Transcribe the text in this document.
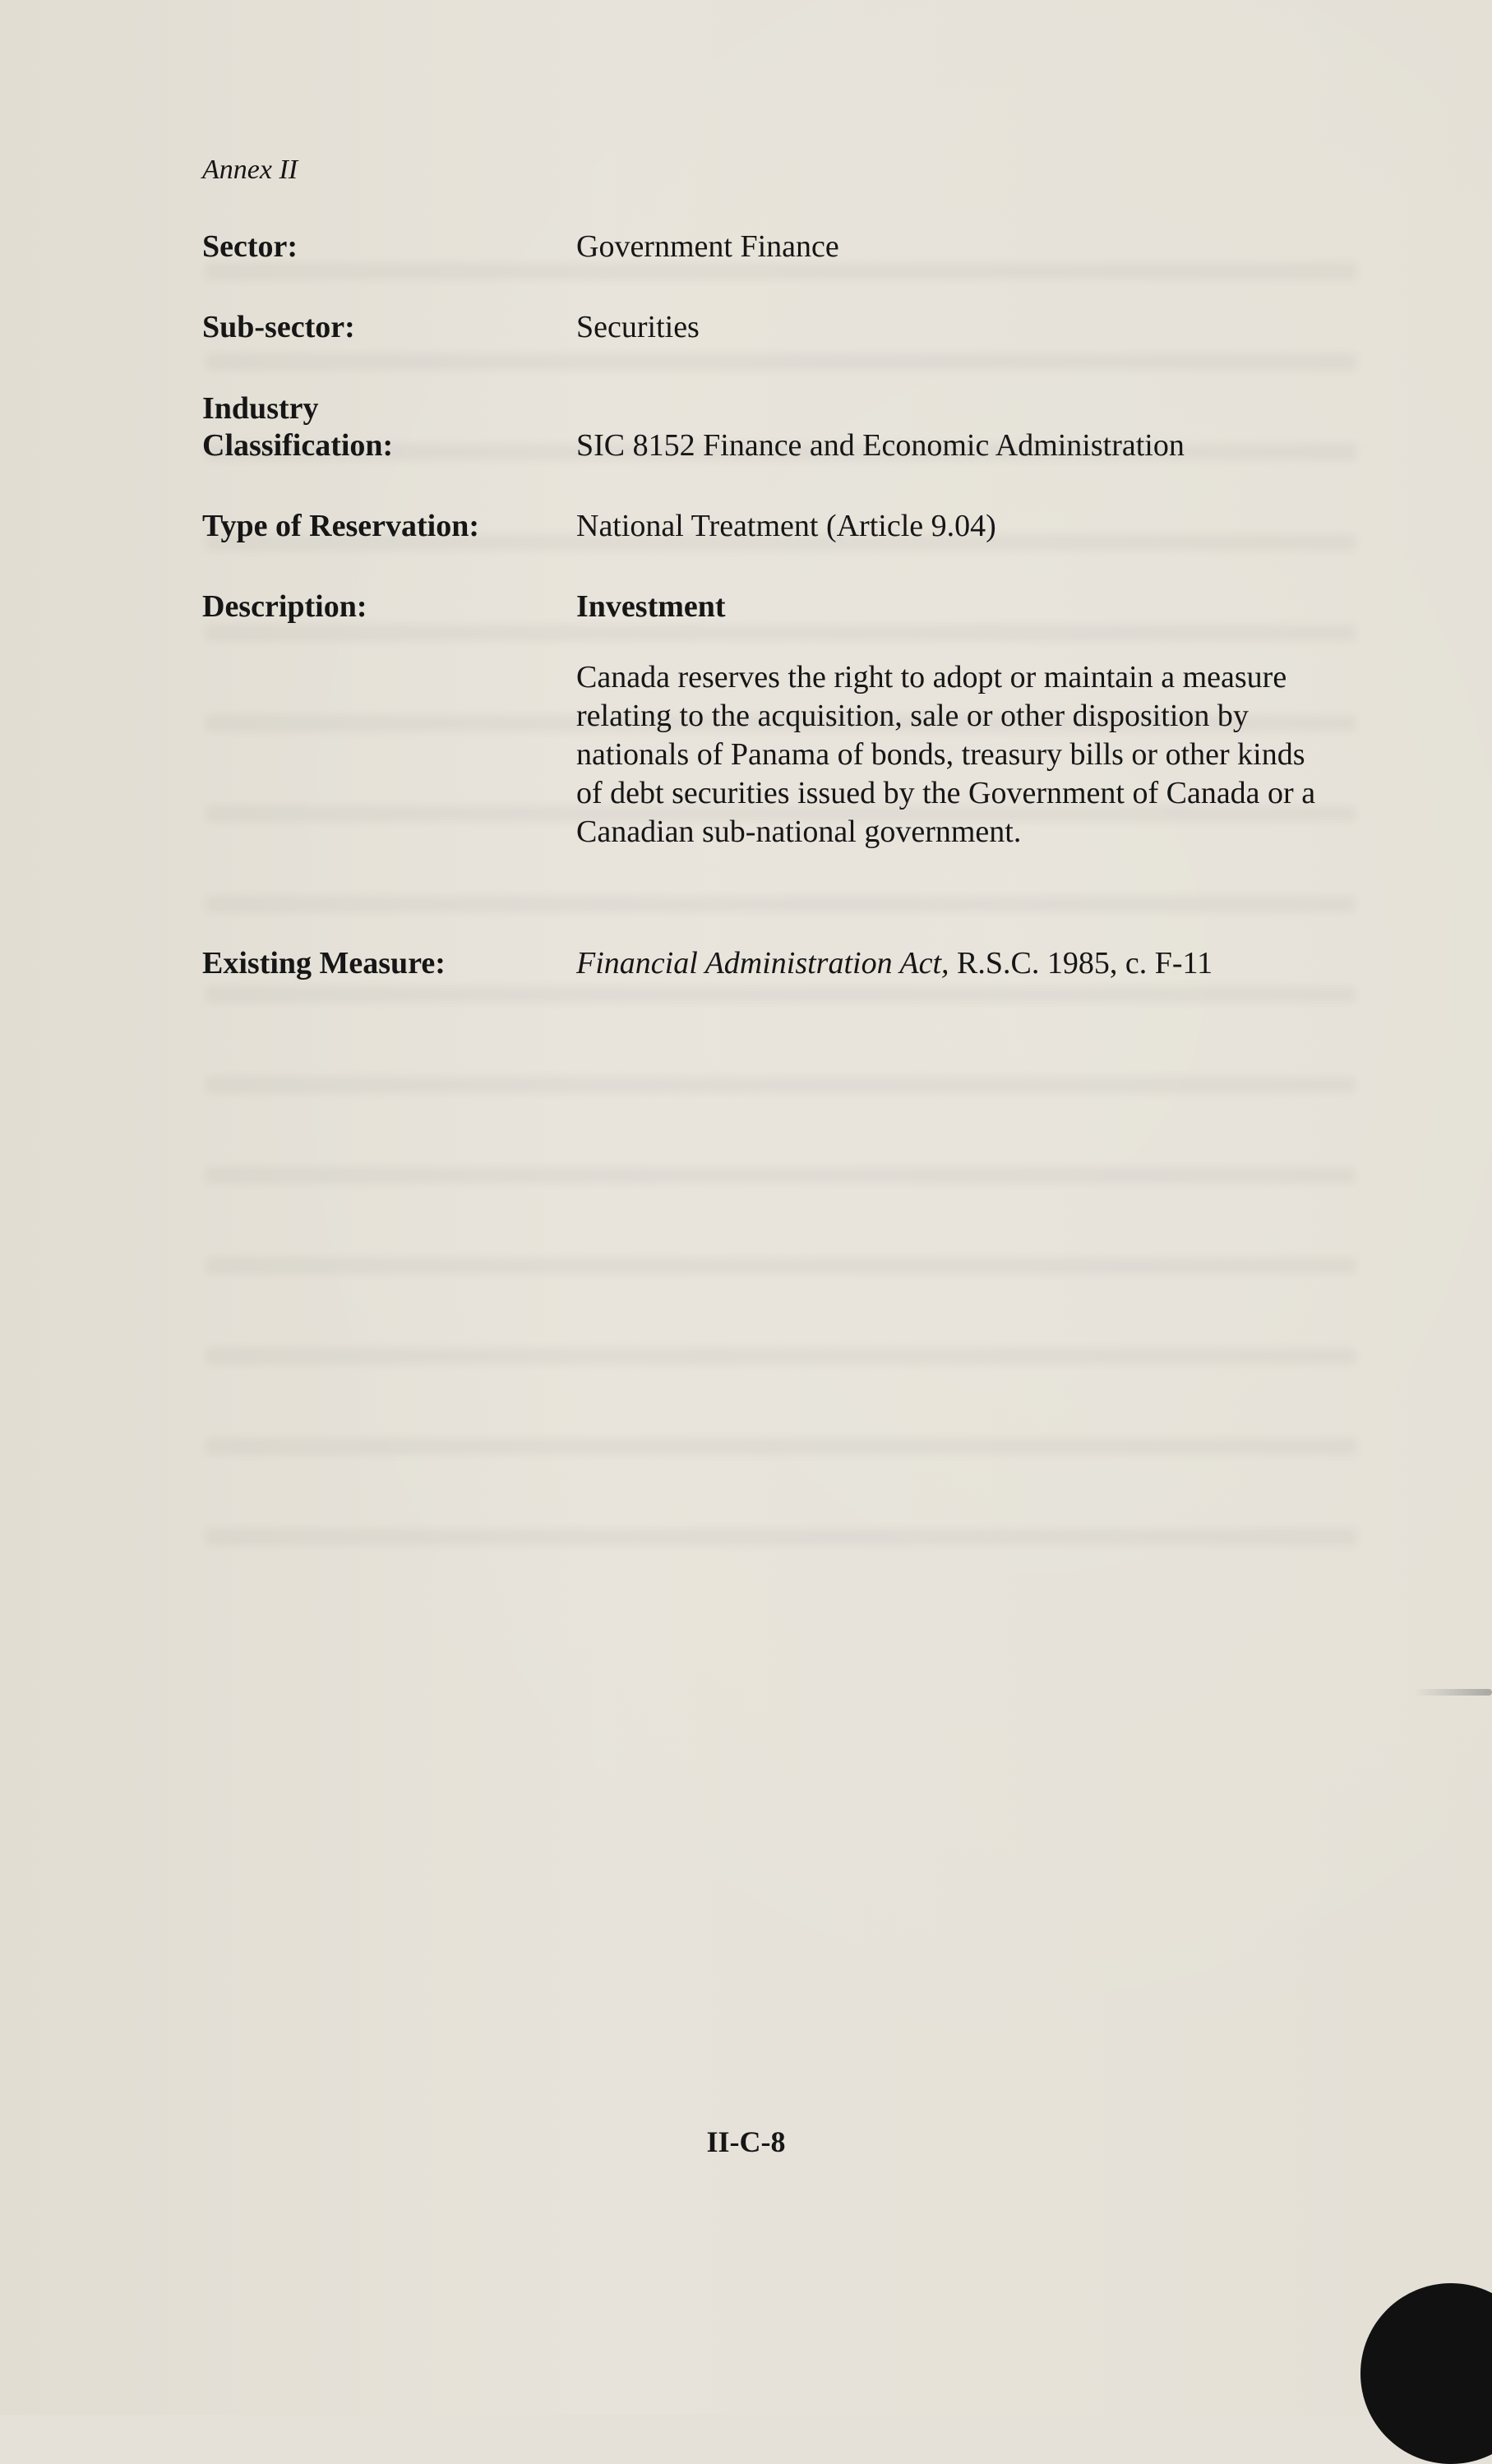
Annex II
Sector:	Government Finance
Sub-sector:	Securities
Industry
Classification:	SIC 8152 Finance and Economic Administration
Type of Reservation:	National Treatment (Article 9.04)
Description:	Investment
Canada reserves the right to adopt or maintain a measure relating to the acquisition, sale or other disposition by nationals of Panama of bonds, treasury bills or other kinds of debt securities issued by the Government of Canada or a Canadian sub-national government.
Existing Measure:	Financial Administration Act, R.S.C. 1985, c. F-11
II-C-8
